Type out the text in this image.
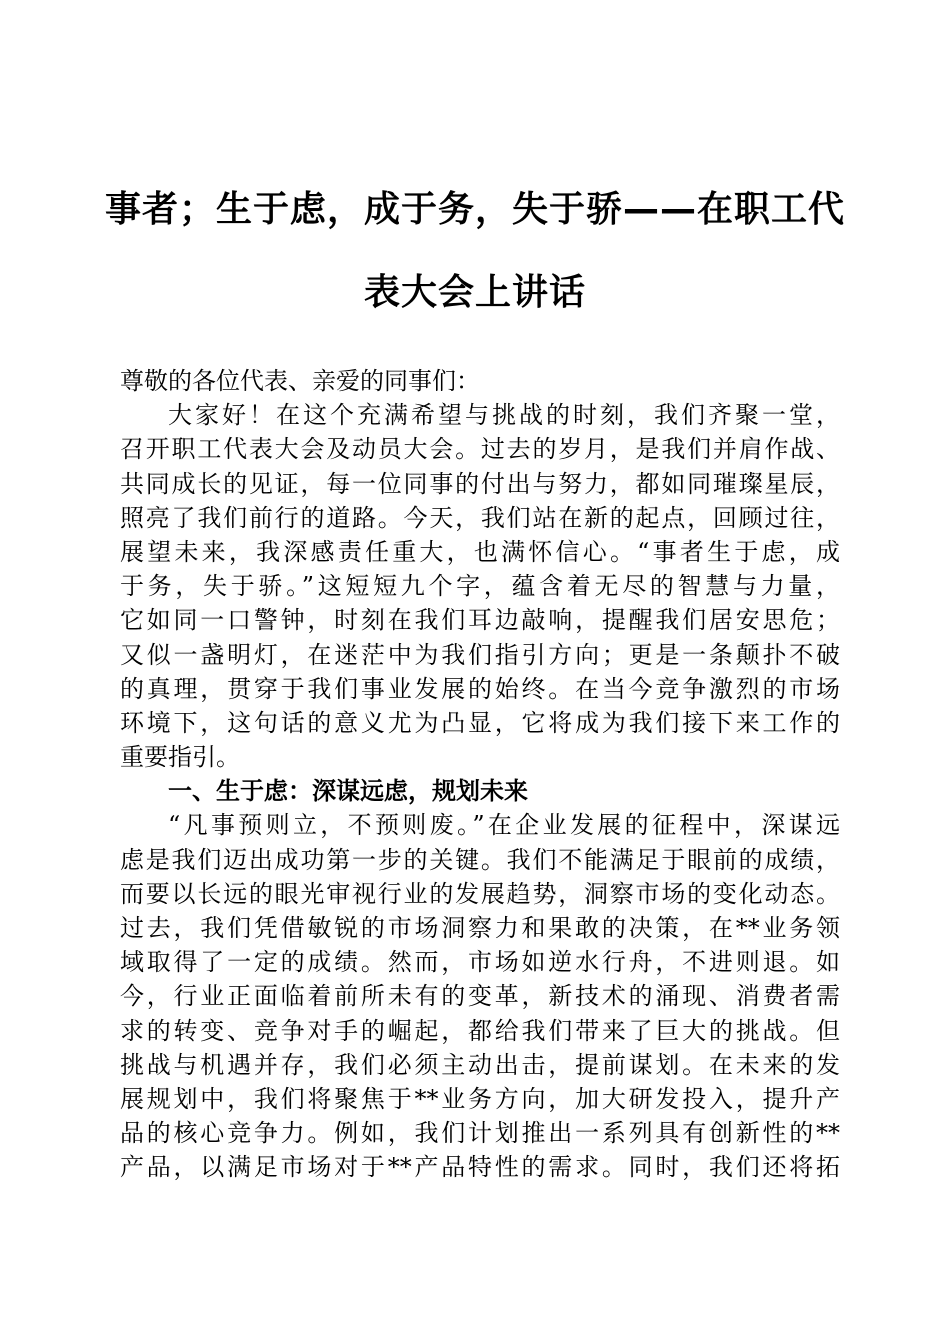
事者；生于虑，成于务，失于骄——在职工代
表大会上讲话
尊敬的各位代表、亲爱的同事们：
大家好！在这个充满希望与挑战的时刻，我们齐聚一堂，
召开职工代表大会及动员大会。过去的岁月，是我们并肩作战、
共同成长的见证，每一位同事的付出与努力，都如同璀璨星辰，
照亮了我们前行的道路。今天，我们站在新的起点，回顾过往，
展望未来，我深感责任重大，也满怀信心。“事者生于虑，成
于务，失于骄。”这短短九个字，蕴含着无尽的智慧与力量，
它如同一口警钟，时刻在我们耳边敲响，提醒我们居安思危；
又似一盏明灯，在迷茫中为我们指引方向；更是一条颠扑不破
的真理，贯穿于我们事业发展的始终。在当今竞争激烈的市场
环境下，这句话的意义尤为凸显，它将成为我们接下来工作的
重要指引。
一、生于虑：深谋远虑，规划未来
“凡事预则立，不预则废。”在企业发展的征程中，深谋远
虑是我们迈出成功第一步的关键。我们不能满足于眼前的成绩，
而要以长远的眼光审视行业的发展趋势，洞察市场的变化动态。
过去，我们凭借敏锐的市场洞察力和果敢的决策，在**业务领
域取得了一定的成绩。然而，市场如逆水行舟，不进则退。如
今，行业正面临着前所未有的变革，新技术的涌现、消费者需
求的转变、竞争对手的崛起，都给我们带来了巨大的挑战。但
挑战与机遇并存，我们必须主动出击，提前谋划。在未来的发
展规划中，我们将聚焦于**业务方向，加大研发投入，提升产
品的核心竞争力。例如，我们计划推出一系列具有创新性的**
产品，以满足市场对于**产品特性的需求。同时，我们还将拓
